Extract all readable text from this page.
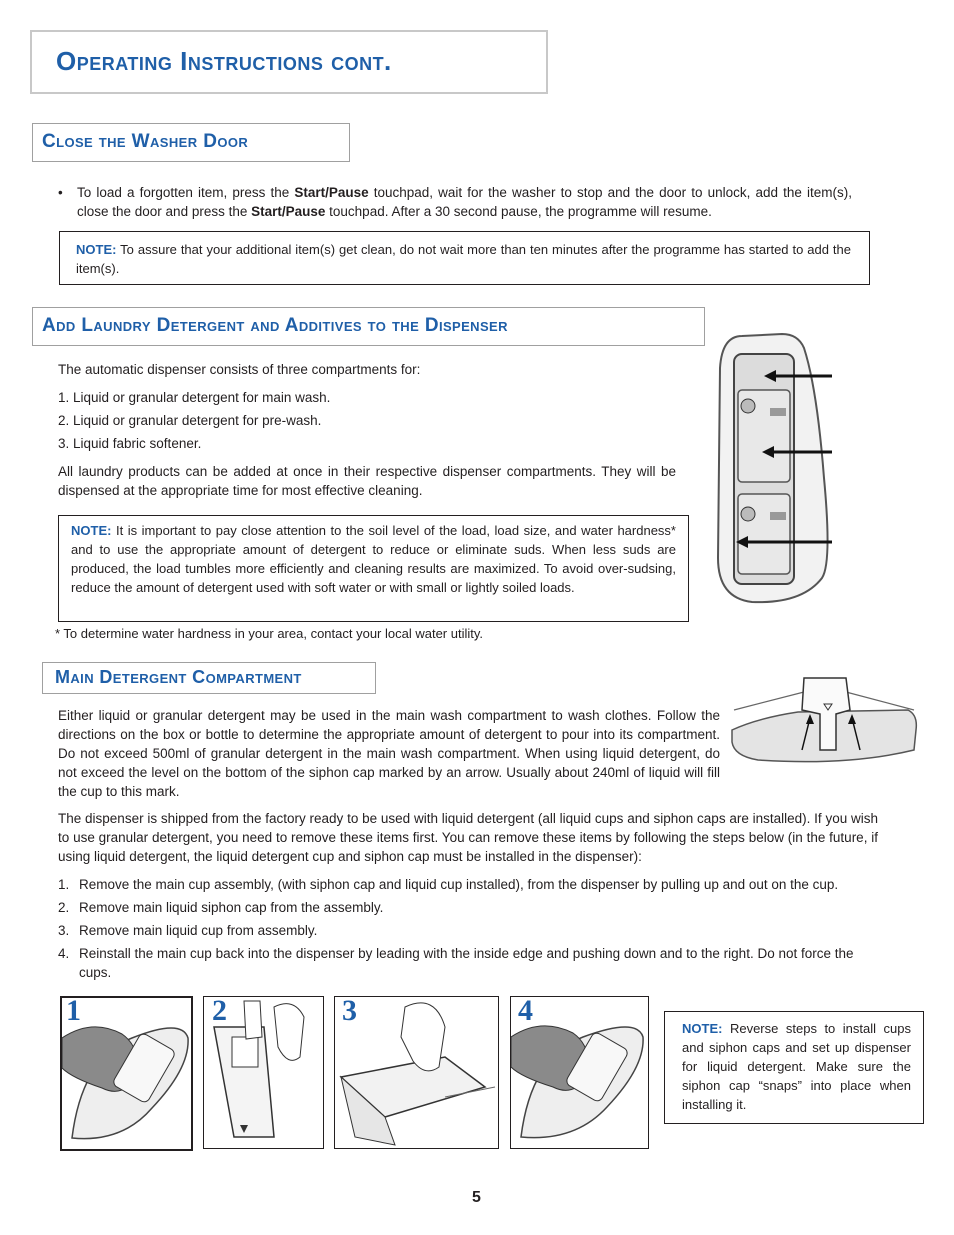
Operating Instructions cont.
Close the Washer Door
• To load a forgotten item, press the Start/Pause touchpad, wait for the washer to stop and the door to unlock, add the item(s), close the door and press the Start/Pause touchpad. After a 30 second pause, the programme will resume.
NOTE: To assure that your additional item(s) get clean, do not wait more than ten minutes after the programme has started to add the item(s).
Add Laundry Detergent and Additives to the Dispenser
The automatic dispenser consists of three compartments for:
1. Liquid or granular detergent for main wash.
2. Liquid or granular detergent for pre-wash.
3. Liquid fabric softener.
All laundry products can be added at once in their respective dispenser compartments. They will be dispensed at the appropriate time for most effective cleaning.
NOTE: It is important to pay close attention to the soil level of the load, load size, and water hardness* and to use the appropriate amount of detergent to reduce or eliminate suds. When less suds are produced, the load tumbles more efficiently and cleaning results are maximized. To avoid over-sudsing, reduce the amount of detergent used with soft water or with small or lightly soiled loads.
* To determine water hardness in your area, contact your local water utility.
Main Detergent Compartment
Either liquid or granular detergent may be used in the main wash compartment to wash clothes. Follow the directions on the box or bottle to determine the appropriate amount of detergent to pour into its compartment. Do not exceed 500ml of granular detergent in the main wash compartment. When using liquid detergent, do not exceed the level on the bottom of the siphon cap marked by an arrow. Usually about 240ml of liquid will fill the cup to this mark.
The dispenser is shipped from the factory ready to be used with liquid detergent (all liquid cups and siphon caps are installed). If you wish to use granular detergent, you need to remove these items first. You can remove these items by following the steps below (in the future, if using liquid detergent, the liquid detergent cup and siphon cap must be installed in the dispenser):
1. Remove the main cup assembly, (with siphon cap and liquid cup installed), from the dispenser by pulling up and out on the cup.
2. Remove main liquid siphon cap from the assembly.
3. Remove main liquid cup from assembly.
4. Reinstall the main cup back into the dispenser by leading with the inside edge and pushing down and to the right. Do not force the cups.
1	2	3	4
NOTE: Reverse steps to install cups and siphon caps and set up dispenser for liquid detergent. Make sure the siphon cap “snaps” into place when installing it.
5
